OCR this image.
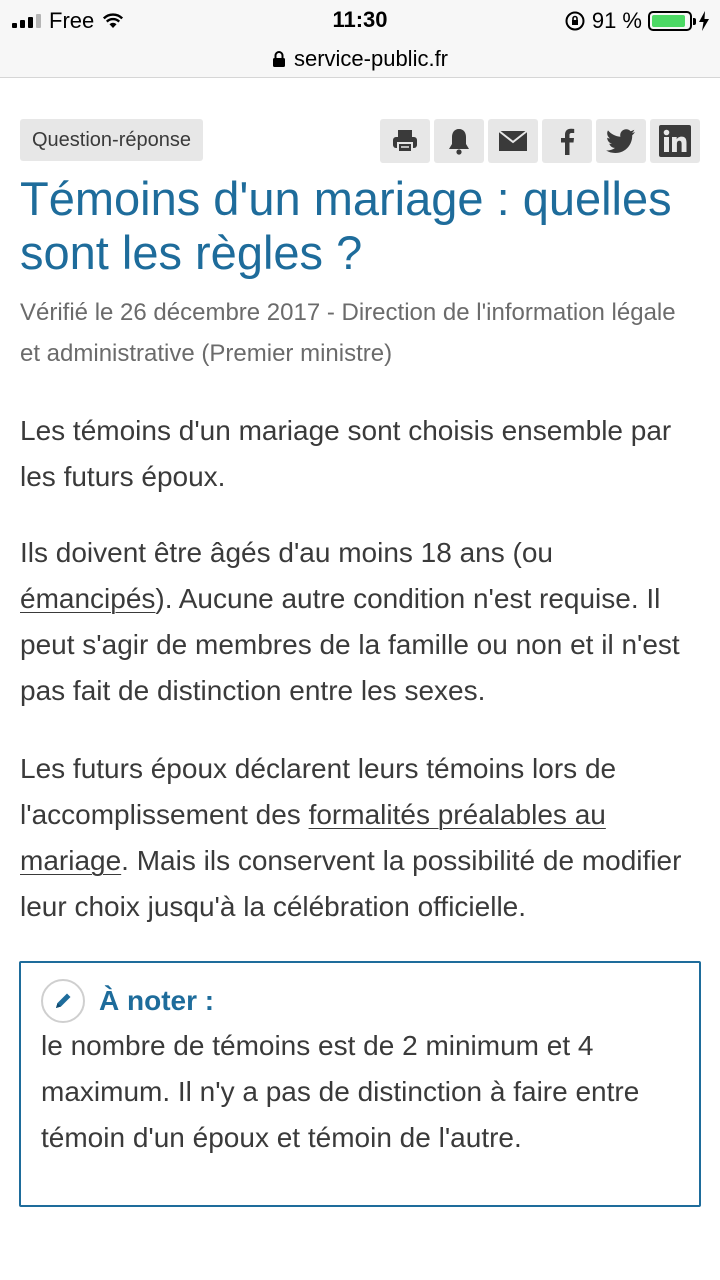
Free	11:30	91 %
service-public.fr
Question-réponse
Témoins d'un mariage : quelles sont les règles ?

Vérifié le 26 décembre 2017 - Direction de l'information légale et administrative (Premier ministre)

Les témoins d'un mariage sont choisis ensemble par les futurs époux.

Ils doivent être âgés d'au moins 18 ans (ou émancipés). Aucune autre condition n'est requise. Il peut s'agir de membres de la famille ou non et il n'est pas fait de distinction entre les sexes.

Les futurs époux déclarent leurs témoins lors de l'accomplissement des formalités préalables au mariage. Mais ils conservent la possibilité de modifier leur choix jusqu'à la célébration officielle.

À noter :

le nombre de témoins est de 2 minimum et 4 maximum. Il n'y a pas de distinction à faire entre témoin d'un époux et témoin de l'autre.
